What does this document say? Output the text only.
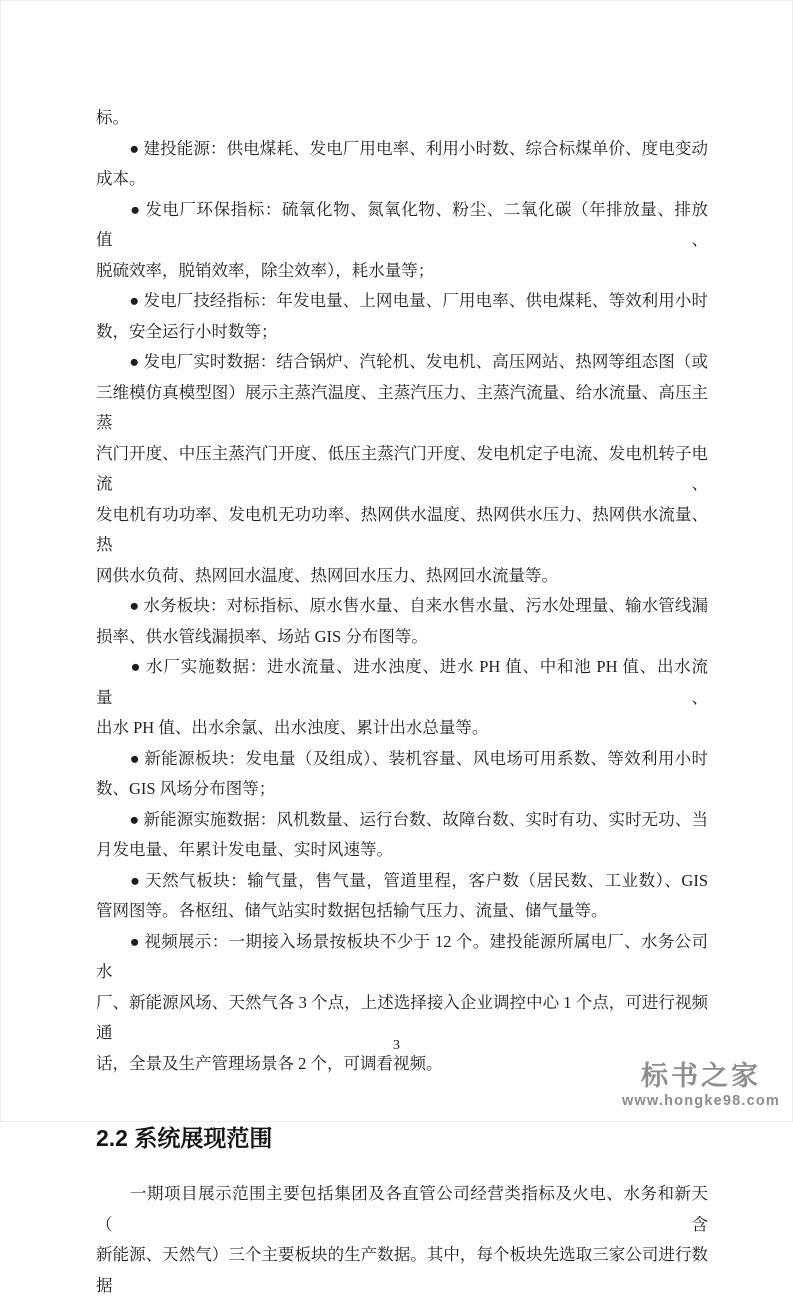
标。
　　● 建投能源：供电煤耗、发电厂用电率、利用小时数、综合标煤单价、度电变动
成本。
　　● 发电厂环保指标：硫氧化物、氮氧化物、粉尘、二氧化碳（年排放量、排放值、
脱硫效率，脱销效率，除尘效率），耗水量等；
　　● 发电厂技经指标：年发电量、上网电量、厂用电率、供电煤耗、等效利用小时
数，安全运行小时数等；
　　● 发电厂实时数据：结合锅炉、汽轮机、发电机、高压网站、热网等组态图（或
三维模仿真模型图）展示主蒸汽温度、主蒸汽压力、主蒸汽流量、给水流量、高压主蒸
汽门开度、中压主蒸汽门开度、低压主蒸汽门开度、发电机定子电流、发电机转子电流、
发电机有功功率、发电机无功功率、热网供水温度、热网供水压力、热网供水流量、热
网供水负荷、热网回水温度、热网回水压力、热网回水流量等。
　　● 水务板块：对标指标、原水售水量、自来水售水量、污水处理量、输水管线漏
损率、供水管线漏损率、场站 GIS 分布图等。
　　● 水厂实施数据：进水流量、进水浊度、进水 PH 值、中和池 PH 值、出水流量、
出水 PH 值、出水余氯、出水浊度、累计出水总量等。
　　● 新能源板块：发电量（及组成）、装机容量、风电场可用系数、等效利用小时
数、GIS 风场分布图等；
　　● 新能源实施数据：风机数量、运行台数、故障台数、实时有功、实时无功、当
月发电量、年累计发电量、实时风速等。
　　● 天然气板块：输气量，售气量，管道里程，客户数（居民数、工业数）、GIS
管网图等。各枢纽、储气站实时数据包括输气压力、流量、储气量等。
　　● 视频展示：一期接入场景按板块不少于 12 个。建投能源所属电厂、水务公司水
厂、新能源风场、天然气各 3 个点，上述选择接入企业调控中心 1 个点，可进行视频通
话，全景及生产管理场景各 2 个，可调看视频。
2.2 系统展现范围
　　一期项目展示范围主要包括集团及各直管公司经营类指标及火电、水务和新天（含
新能源、天然气）三个主要板块的生产数据。其中，每个板块先选取三家公司进行数据
3
标书之家
www.hongke98.com
